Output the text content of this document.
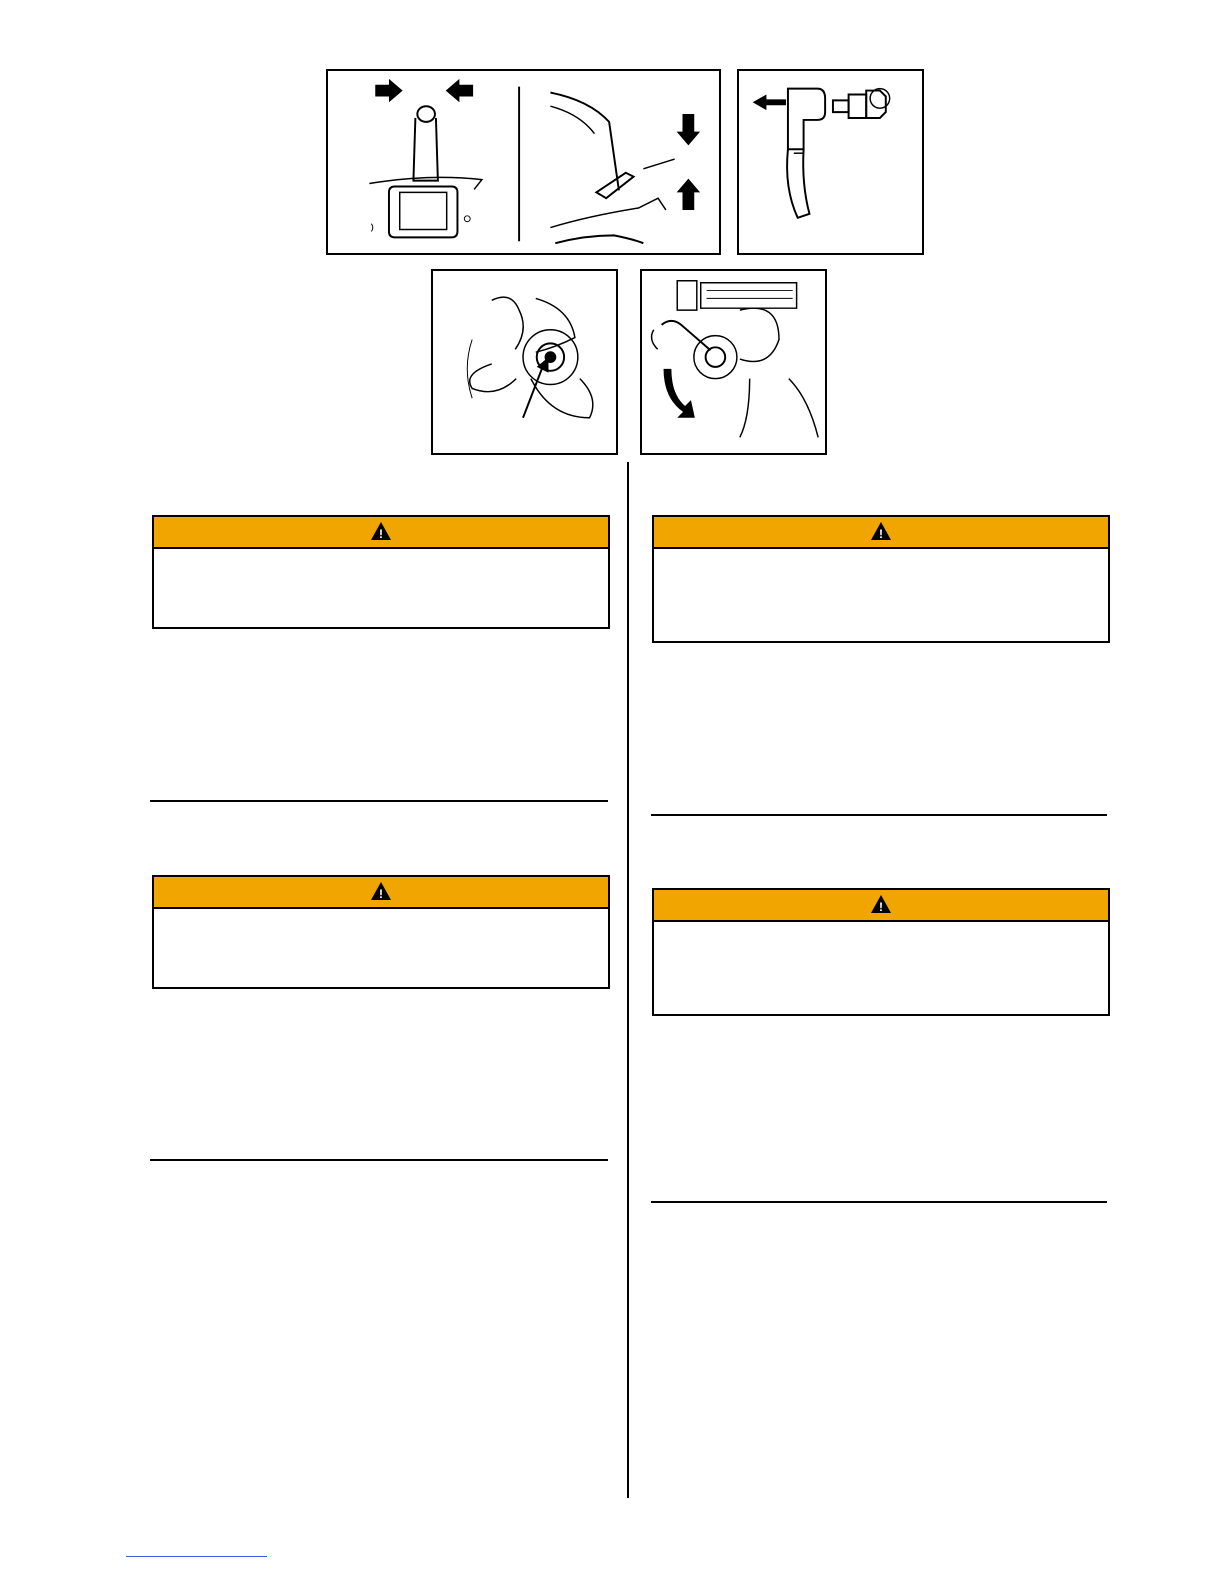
!
!
!
!
